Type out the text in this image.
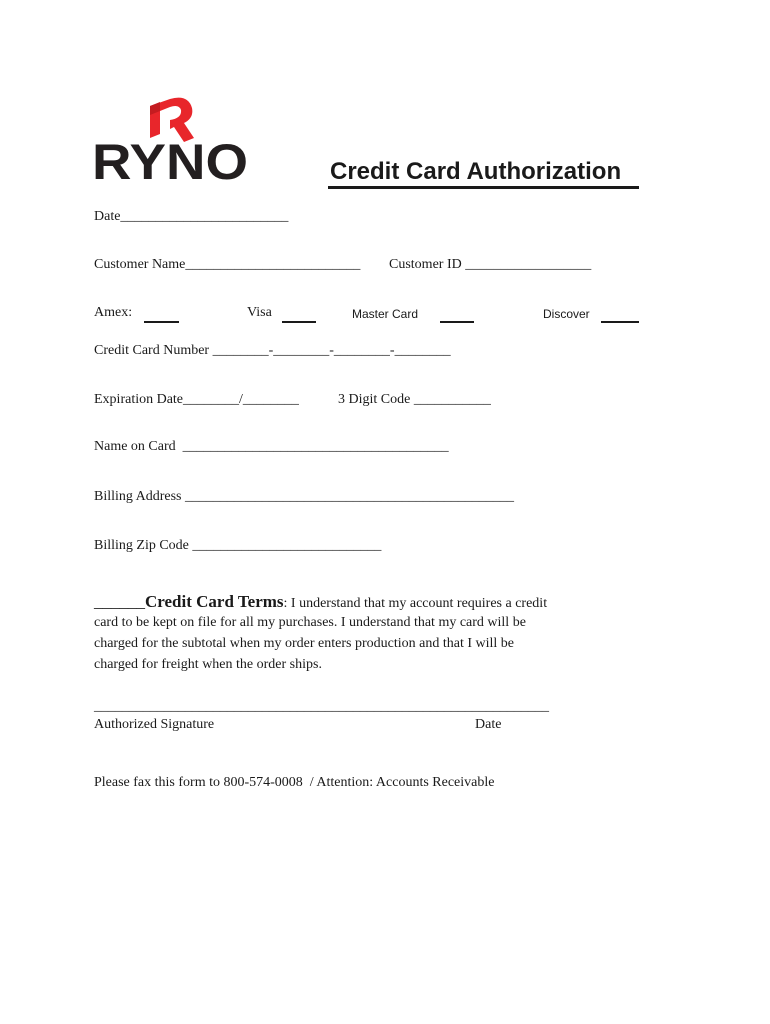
RYNO	Credit Card Authorization
Date________________________
Customer Name_________________________ Customer ID __________________
Amex:	Visa	Master Card	Discover
Credit Card Number ________-________-________-________
Expiration Date________/________	3 Digit Code ___________
Name on Card  ______________________________________
Billing Address _______________________________________________
Billing Zip Code ___________________________
______Credit Card Terms: I understand that my account requires a credit
card to be kept on file for all my purchases. I understand that my card will be
charged for the subtotal when my order enters production and that I will be
charged for freight when the order ships.
_________________________________________________________________
Authorized Signature	Date
Please fax this form to 800-574-0008  / Attention: Accounts Receivable
